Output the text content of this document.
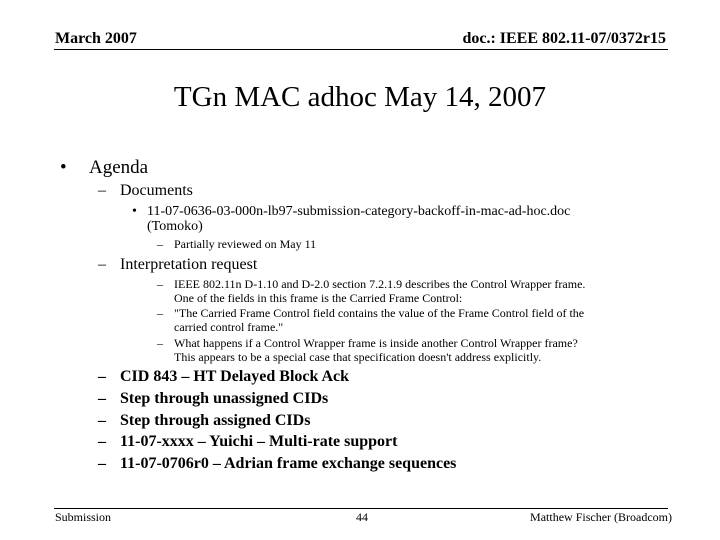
March 2007	doc.: IEEE 802.11-07/0372r15
TGn MAC adhoc May 14, 2007
• Agenda
– Documents
• 11-07-0636-03-000n-lb97-submission-category-backoff-in-mac-ad-hoc.doc
(Tomoko)
– Partially reviewed on May 11
– Interpretation request
– IEEE 802.11n D-1.10 and D-2.0 section 7.2.1.9 describes the Control Wrapper frame.
One of the fields in this frame is the Carried Frame Control:
– "The Carried Frame Control field contains the value of the Frame Control field of the
carried control frame."
– What happens if a Control Wrapper frame is inside another Control Wrapper frame?
This appears to be a special case that specification doesn't address explicitly.
– CID 843 – HT Delayed Block Ack
– Step through unassigned CIDs
– Step through assigned CIDs
– 11-07-xxxx – Yuichi – Multi-rate support
– 11-07-0706r0 – Adrian frame exchange sequences
Submission	44	Matthew Fischer (Broadcom)
